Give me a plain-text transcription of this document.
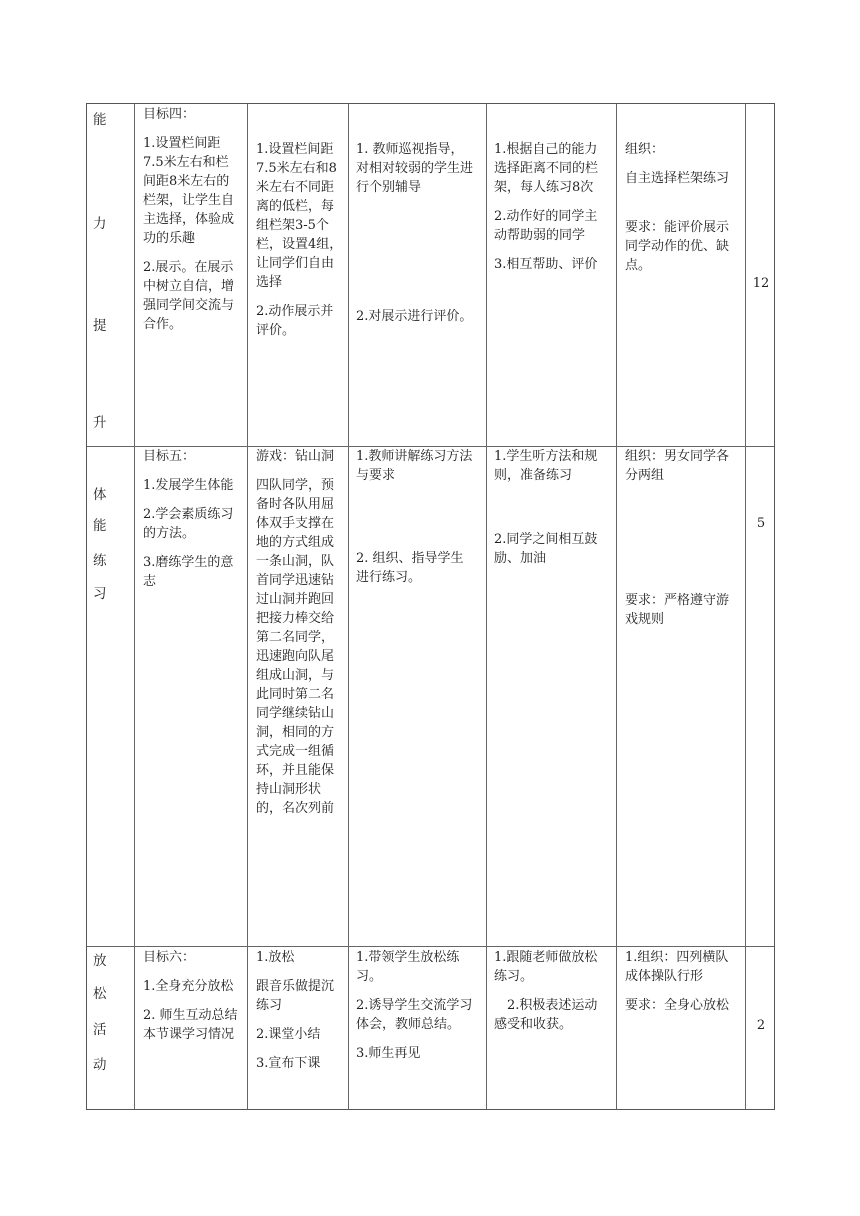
能
力
提
升

目标四：

1.设置栏间距7.5米左右和栏间距8米左右的栏架，让学生自主选择，体验成功的乐趣

2.展示。在展示中树立自信，增强同学间交流与合作。

1.设置栏间距7.5米左右和8米左右不同距离的低栏，每组栏架3-5个栏，设置4组，让同学们自由选择

2.动作展示并评价。

1. 教师巡视指导，对相对较弱的学生进行个别辅导

2.对展示进行评价。

1.根据自己的能力选择距离不同的栏架，每人练习8次

2.动作好的同学主动帮助弱的同学

3.相互帮助、评价

组织：

自主选择栏架练习

要求：能评价展示同学动作的优、缺点。

12
体
能
练
习

目标五：

1.发展学生体能

2.学会素质练习的方法。

3.磨练学生的意志

游戏：钻山洞

四队同学，预备时各队用屈体双手支撑在地的方式组成一条山洞，队首同学迅速钻过山洞并跑回把接力棒交给第二名同学，迅速跑向队尾组成山洞，与此同时第二名同学继续钻山洞，相同的方式完成一组循环，并且能保持山洞形状的，名次列前

1.教师讲解练习方法与要求

2. 组织、指导学生进行练习。

1.学生听方法和规则，准备练习

2.同学之间相互鼓励、加油

组织：男女同学各分两组

要求：严格遵守游戏规则

5
放
松
活
动

目标六：

1.全身充分放松

2. 师生互动总结本节课学习情况

1.放松

跟音乐做提沉练习

2.课堂小结

3.宣布下课

1.带领学生放松练习。

2.诱导学生交流学习体会，教师总结。

3.师生再见

1.跟随老师做放松练习。

2.积极表述运动感受和收获。

1.组织：四列横队成体操队行形

要求：全身心放松

2
